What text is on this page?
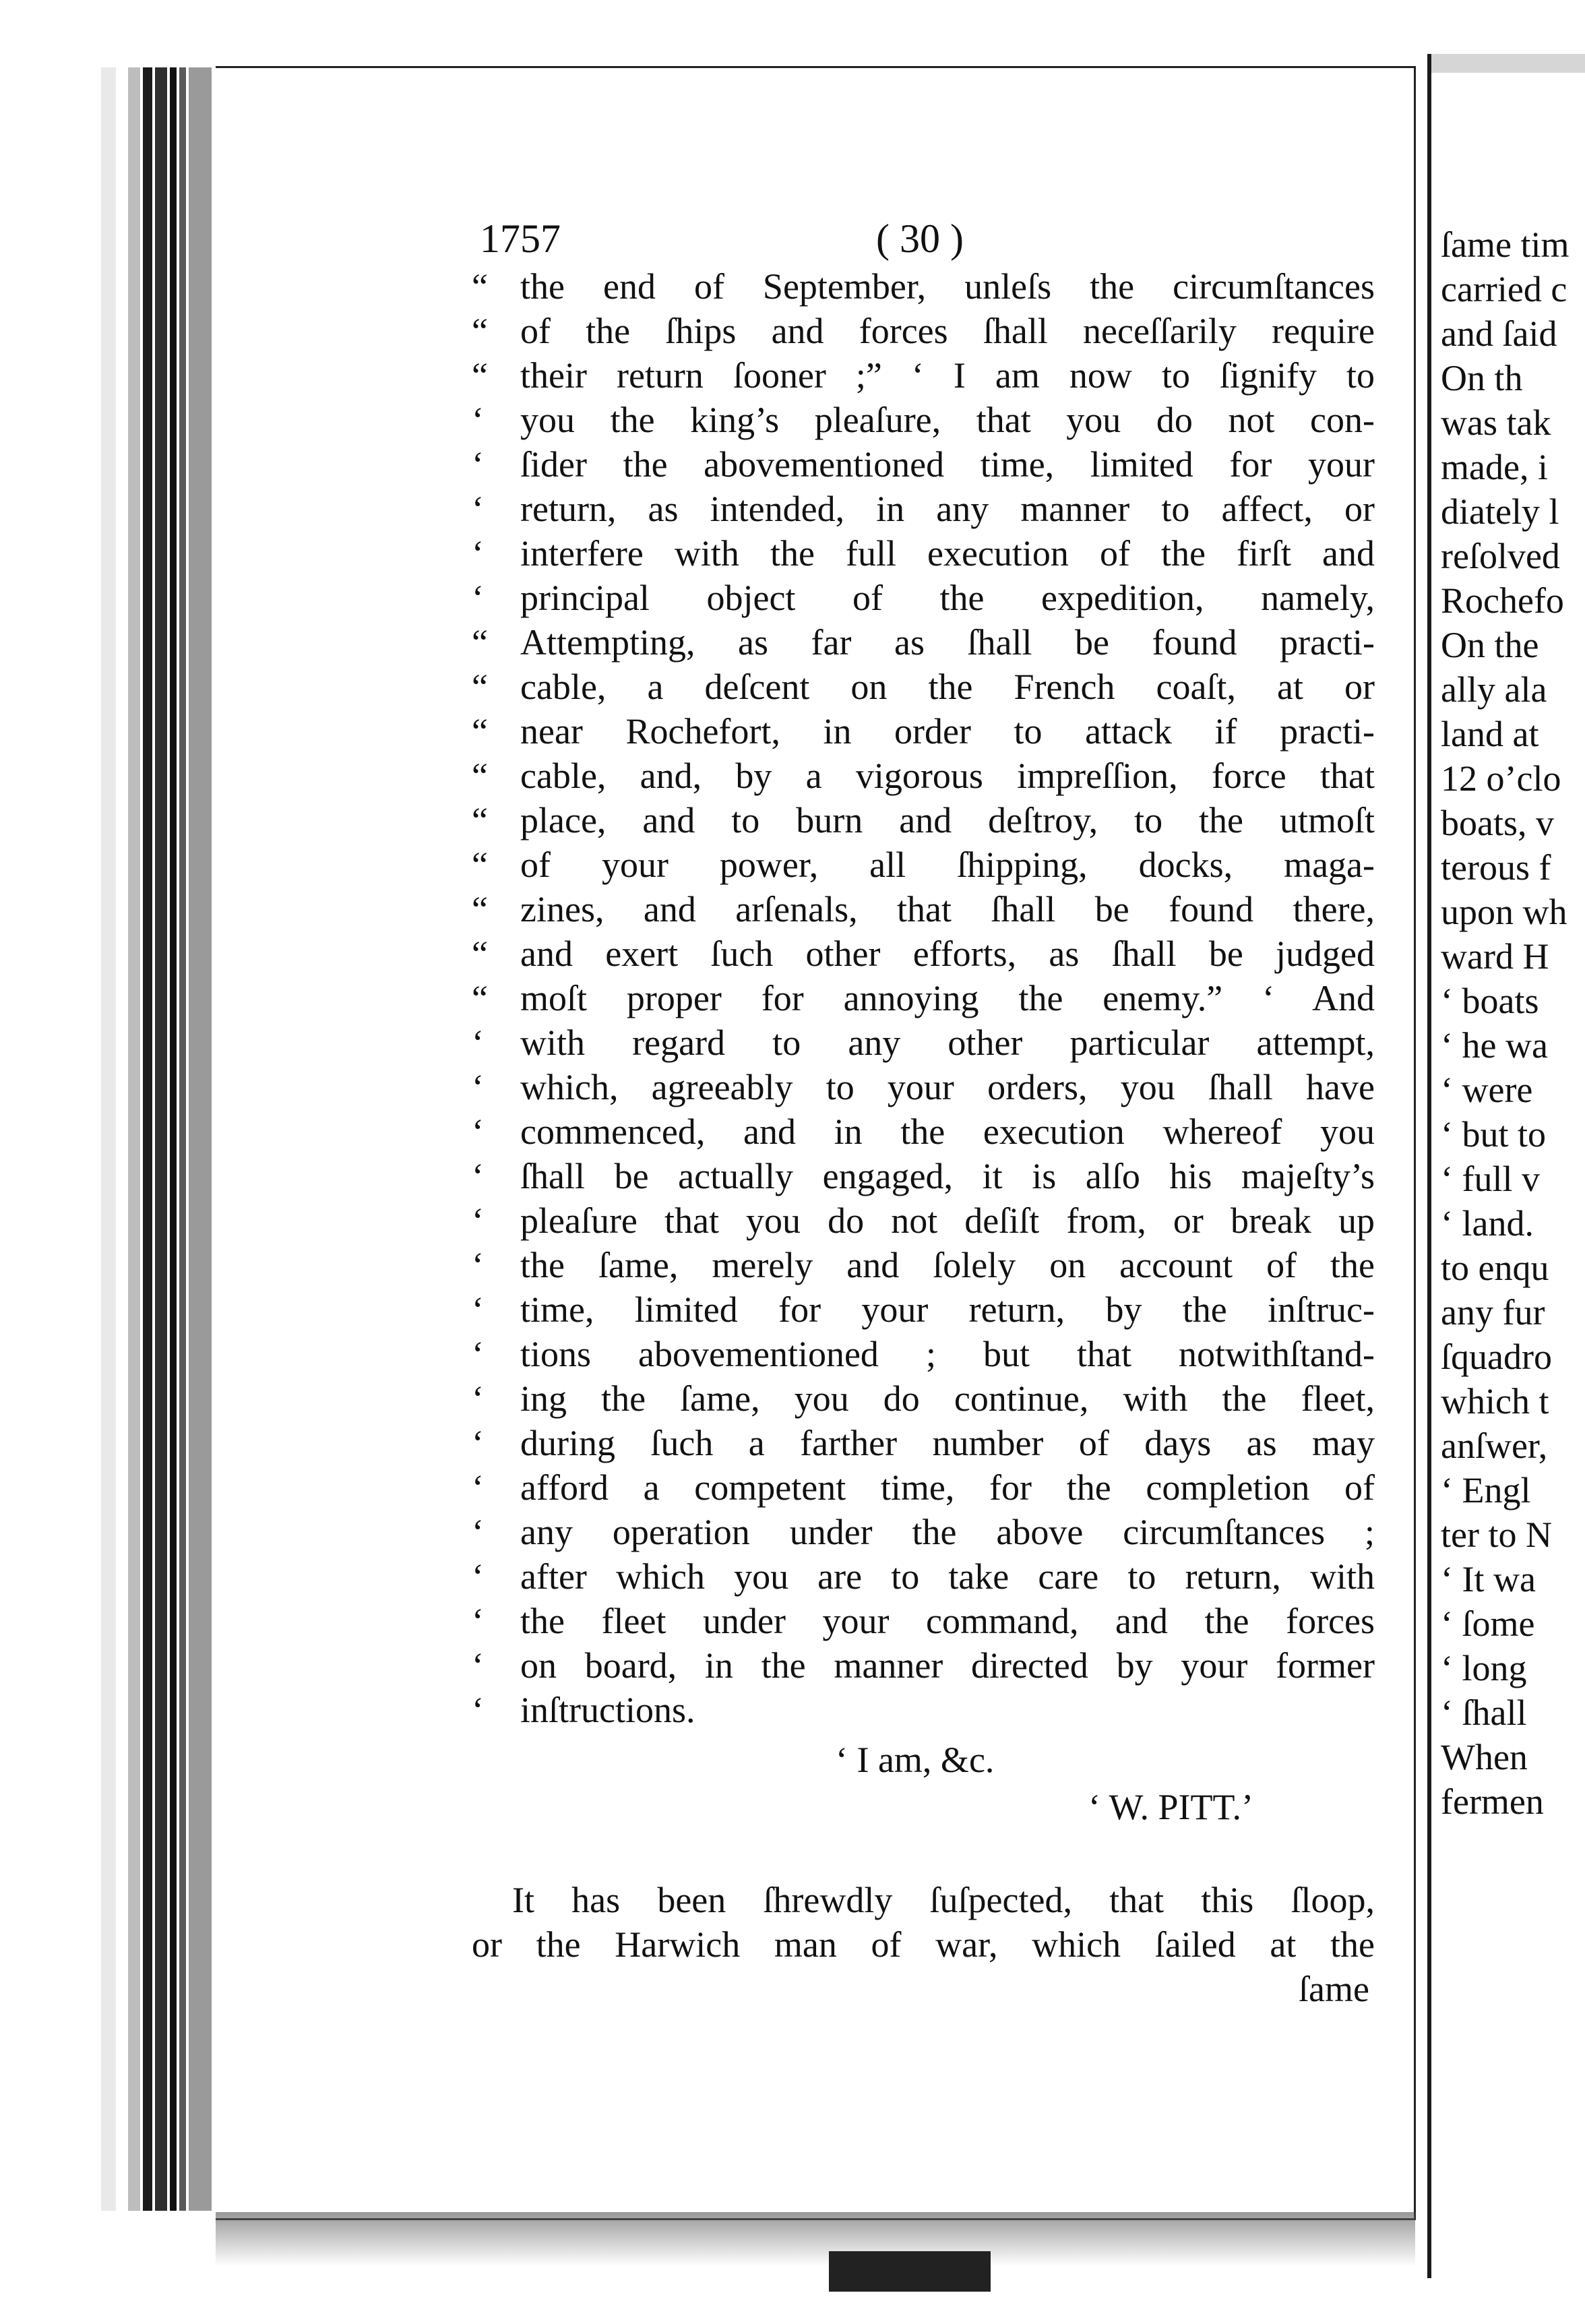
1757	( 30 )
“ the end of September, unleſs the circumſtances
“ of the ſhips and forces ſhall neceſſarily require
“ their return ſooner ;” ‘ I am now to ſignify to
‘	you the king’s pleaſure, that you do not con-
‘	ſider the abovementioned time, limited for your
‘	return, as intended, in any manner to affect, or
‘	interfere with the full execution of the firſt and
‘	principal object of the expedition, namely,
“ Attempting, as far as ſhall be found practi-
“ cable, a deſcent on the French coaſt, at or
“ near Rochefort, in order to attack if practi-
“ cable, and, by a vigorous impreſſion, force that
“ place, and to burn and deſtroy, to the utmoſt
“ of your power, all ſhipping, docks, maga-
“ zines, and arſenals, that ſhall be found there,
“ and exert ſuch other efforts, as ſhall be judged
“ moſt proper for annoying the enemy.” ‘ And
‘	with regard to any other particular attempt,
‘	which, agreeably to your orders, you ſhall have
‘	commenced, and in the execution whereof you
‘	ſhall be actually engaged, it is alſo his majeſty’s
‘	pleaſure that you do not deſiſt from, or break up
‘	the ſame, merely and ſolely on account of the
‘	time, limited for your return, by the inſtruc-
‘	tions abovementioned ; but that notwithſtand-
‘	ing the ſame, you do continue, with the fleet,
‘	during ſuch a farther number of days as may
‘	afford a competent time, for the completion of
‘	any operation under the above circumſtances ;
‘	after which you are to take care to return, with
‘	the fleet under your command, and the forces
‘	on board, in the manner directed by your former
‘	inſtructions.
‘ I am, &c.
‘ W. PITT.’
It has been ſhrewdly ſuſpected, that this ſloop,
or the Harwich man of war, which ſailed at the
ſame
ſame tim
carried c
and ſaid
On th
was tak
made, i
diately l
reſolved
Rochefo
On the
ally ala
land at
12 o’clo
boats, v
terous f
upon wh
ward H
‘ boats
‘ he wa
‘ were
‘ but to
‘ full v
‘ land.
to enqu
any fur
ſquadro
which t
anſwer,
‘ Engl
ter to N
‘ It wa
‘ ſome
‘ long
‘ ſhall
When
fermen
